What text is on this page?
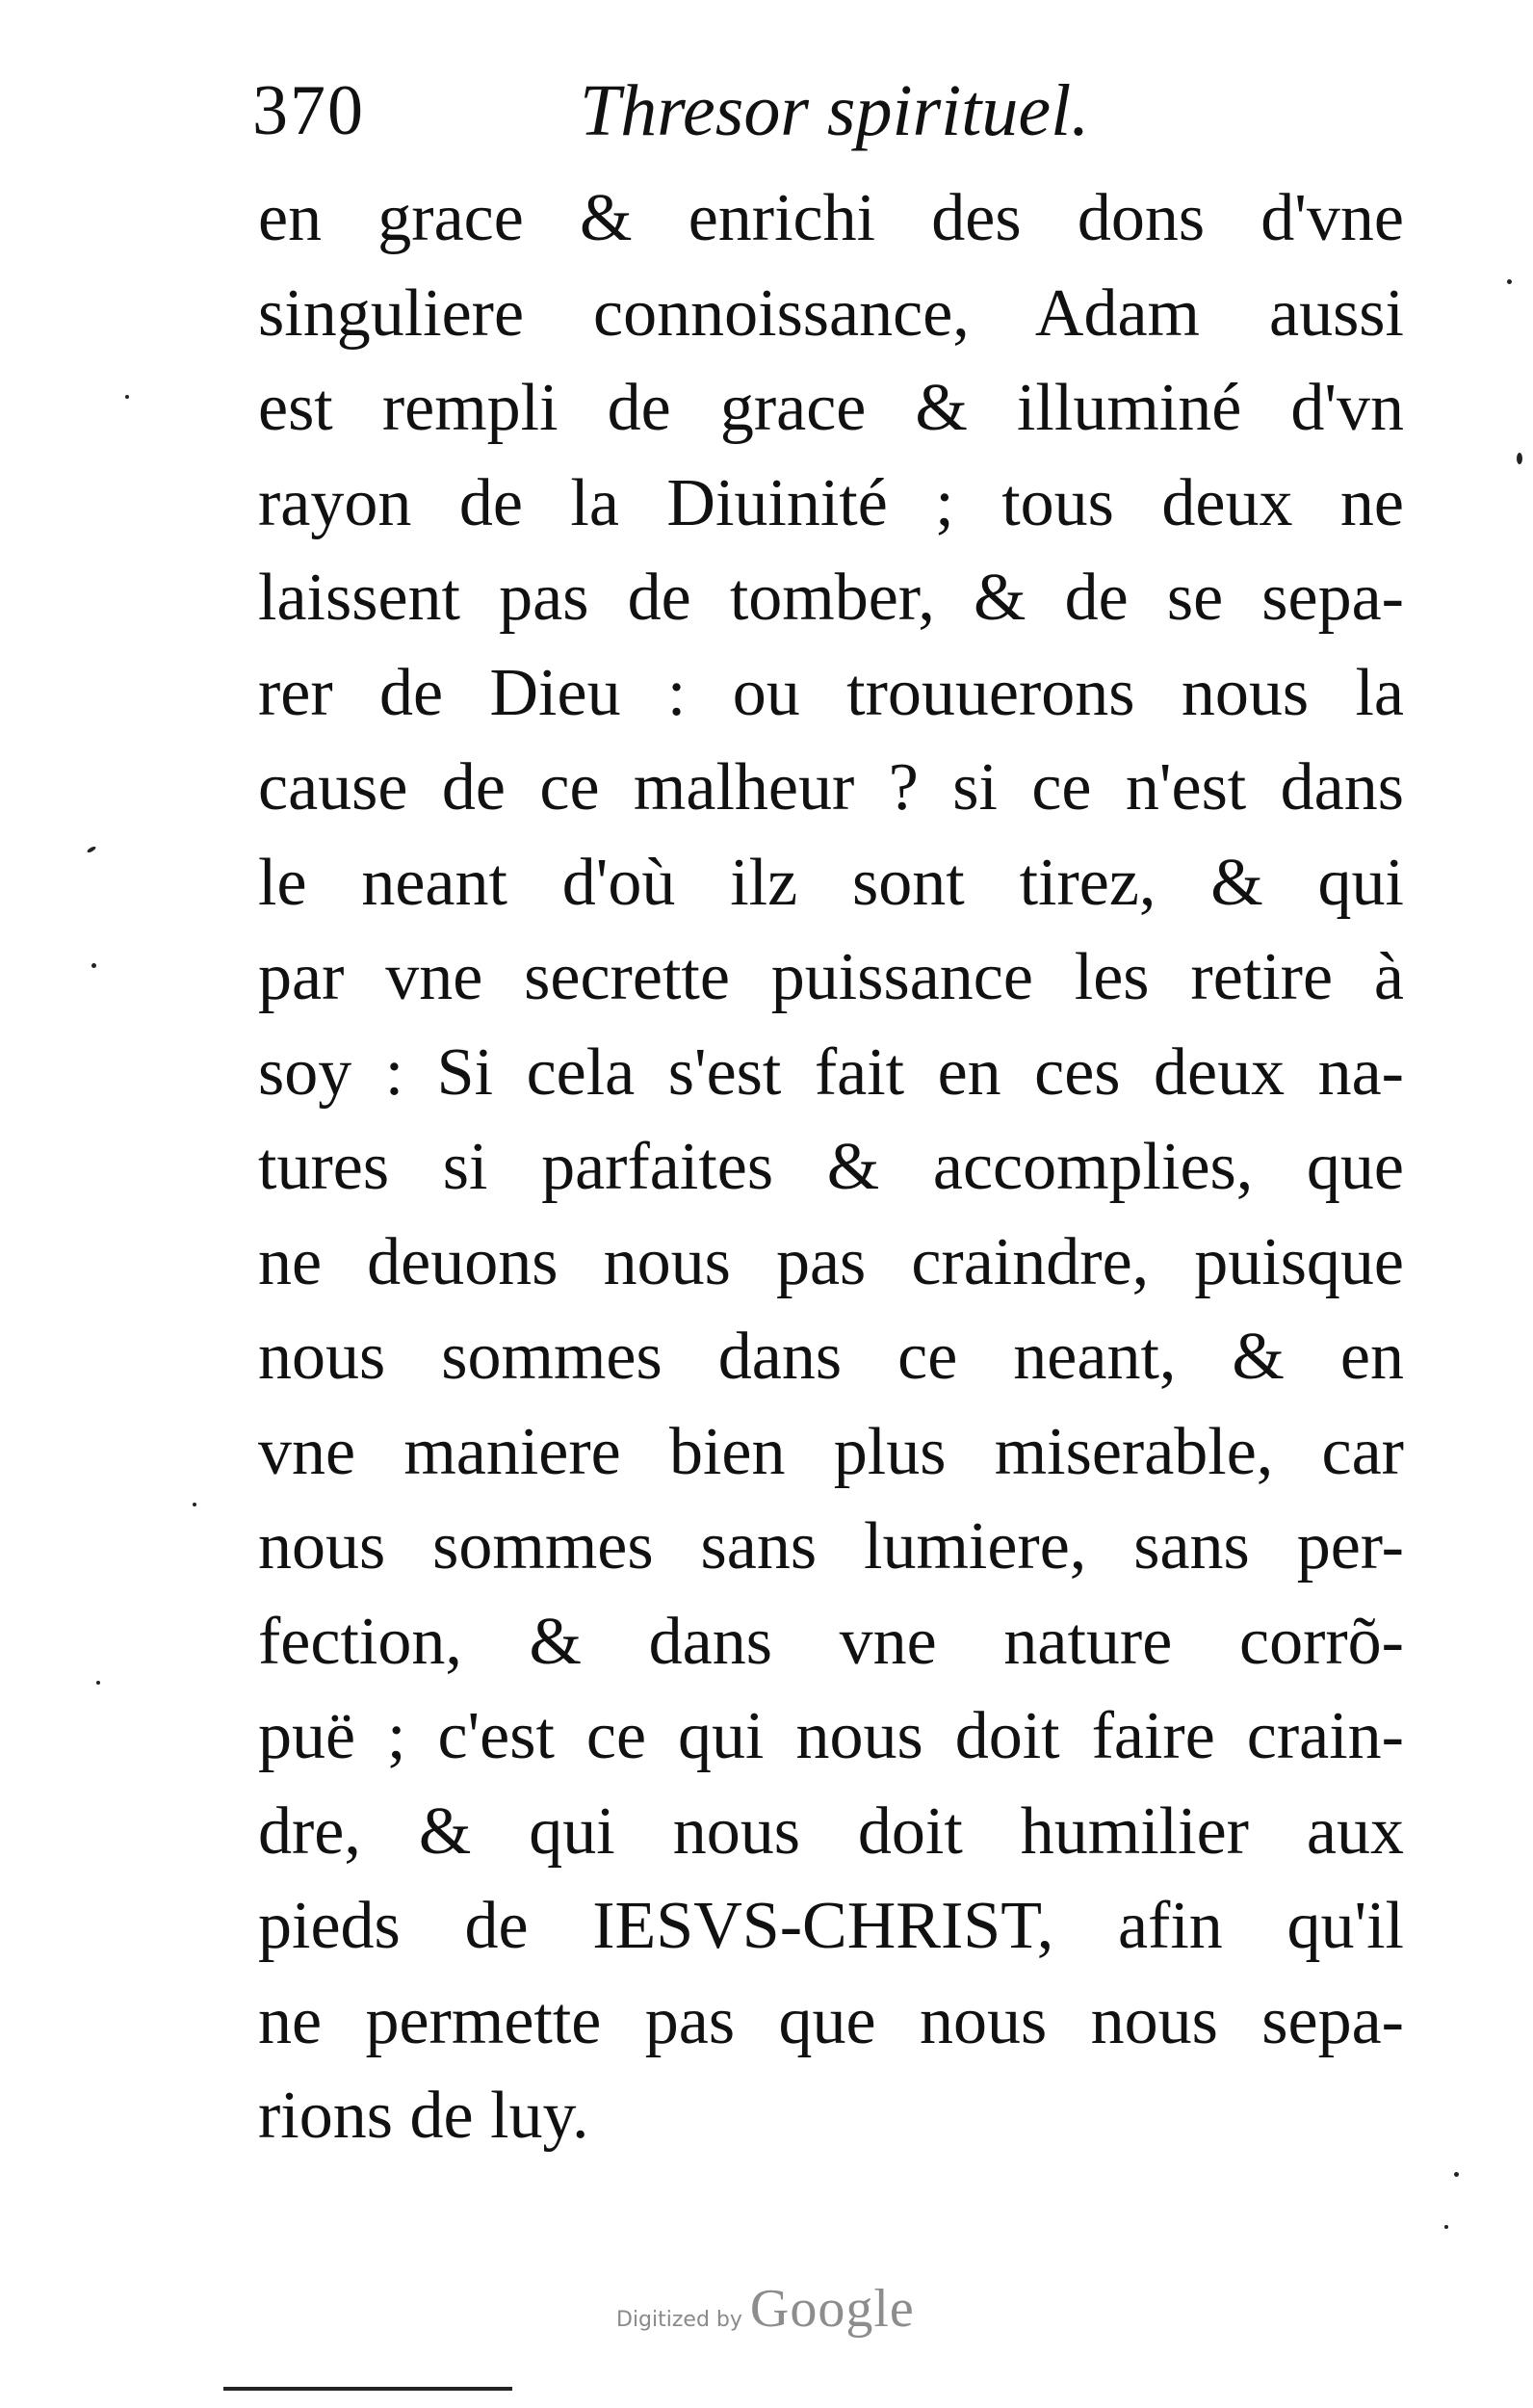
370	Thresor spirituel.
en grace & enrichi des dons d'vne
singuliere connoissance, Adam aussi
est rempli de grace & illuminé d'vn
rayon de la Diuinité ; tous deux ne
laissent pas de tomber, & de se sepa-
rer de Dieu : ou trouuerons nous la
cause de ce malheur ? si ce n'est dans
le neant d'où ilz sont tirez, & qui
par vne secrette puissance les retire à
soy : Si cela s'est fait en ces deux na-
tures si parfaites & accomplies, que
ne deuons nous pas craindre, puisque
nous sommes dans ce neant, & en
vne maniere bien plus miserable, car
nous sommes sans lumiere, sans per-
fection, & dans vne nature corrõ-
puë ; c'est ce qui nous doit faire crain-
dre, & qui nous doit humilier aux
pieds de IESVS-CHRIST, afin qu'il
ne permette pas que nous nous sepa-
rions de luy.
Digitized by Google
